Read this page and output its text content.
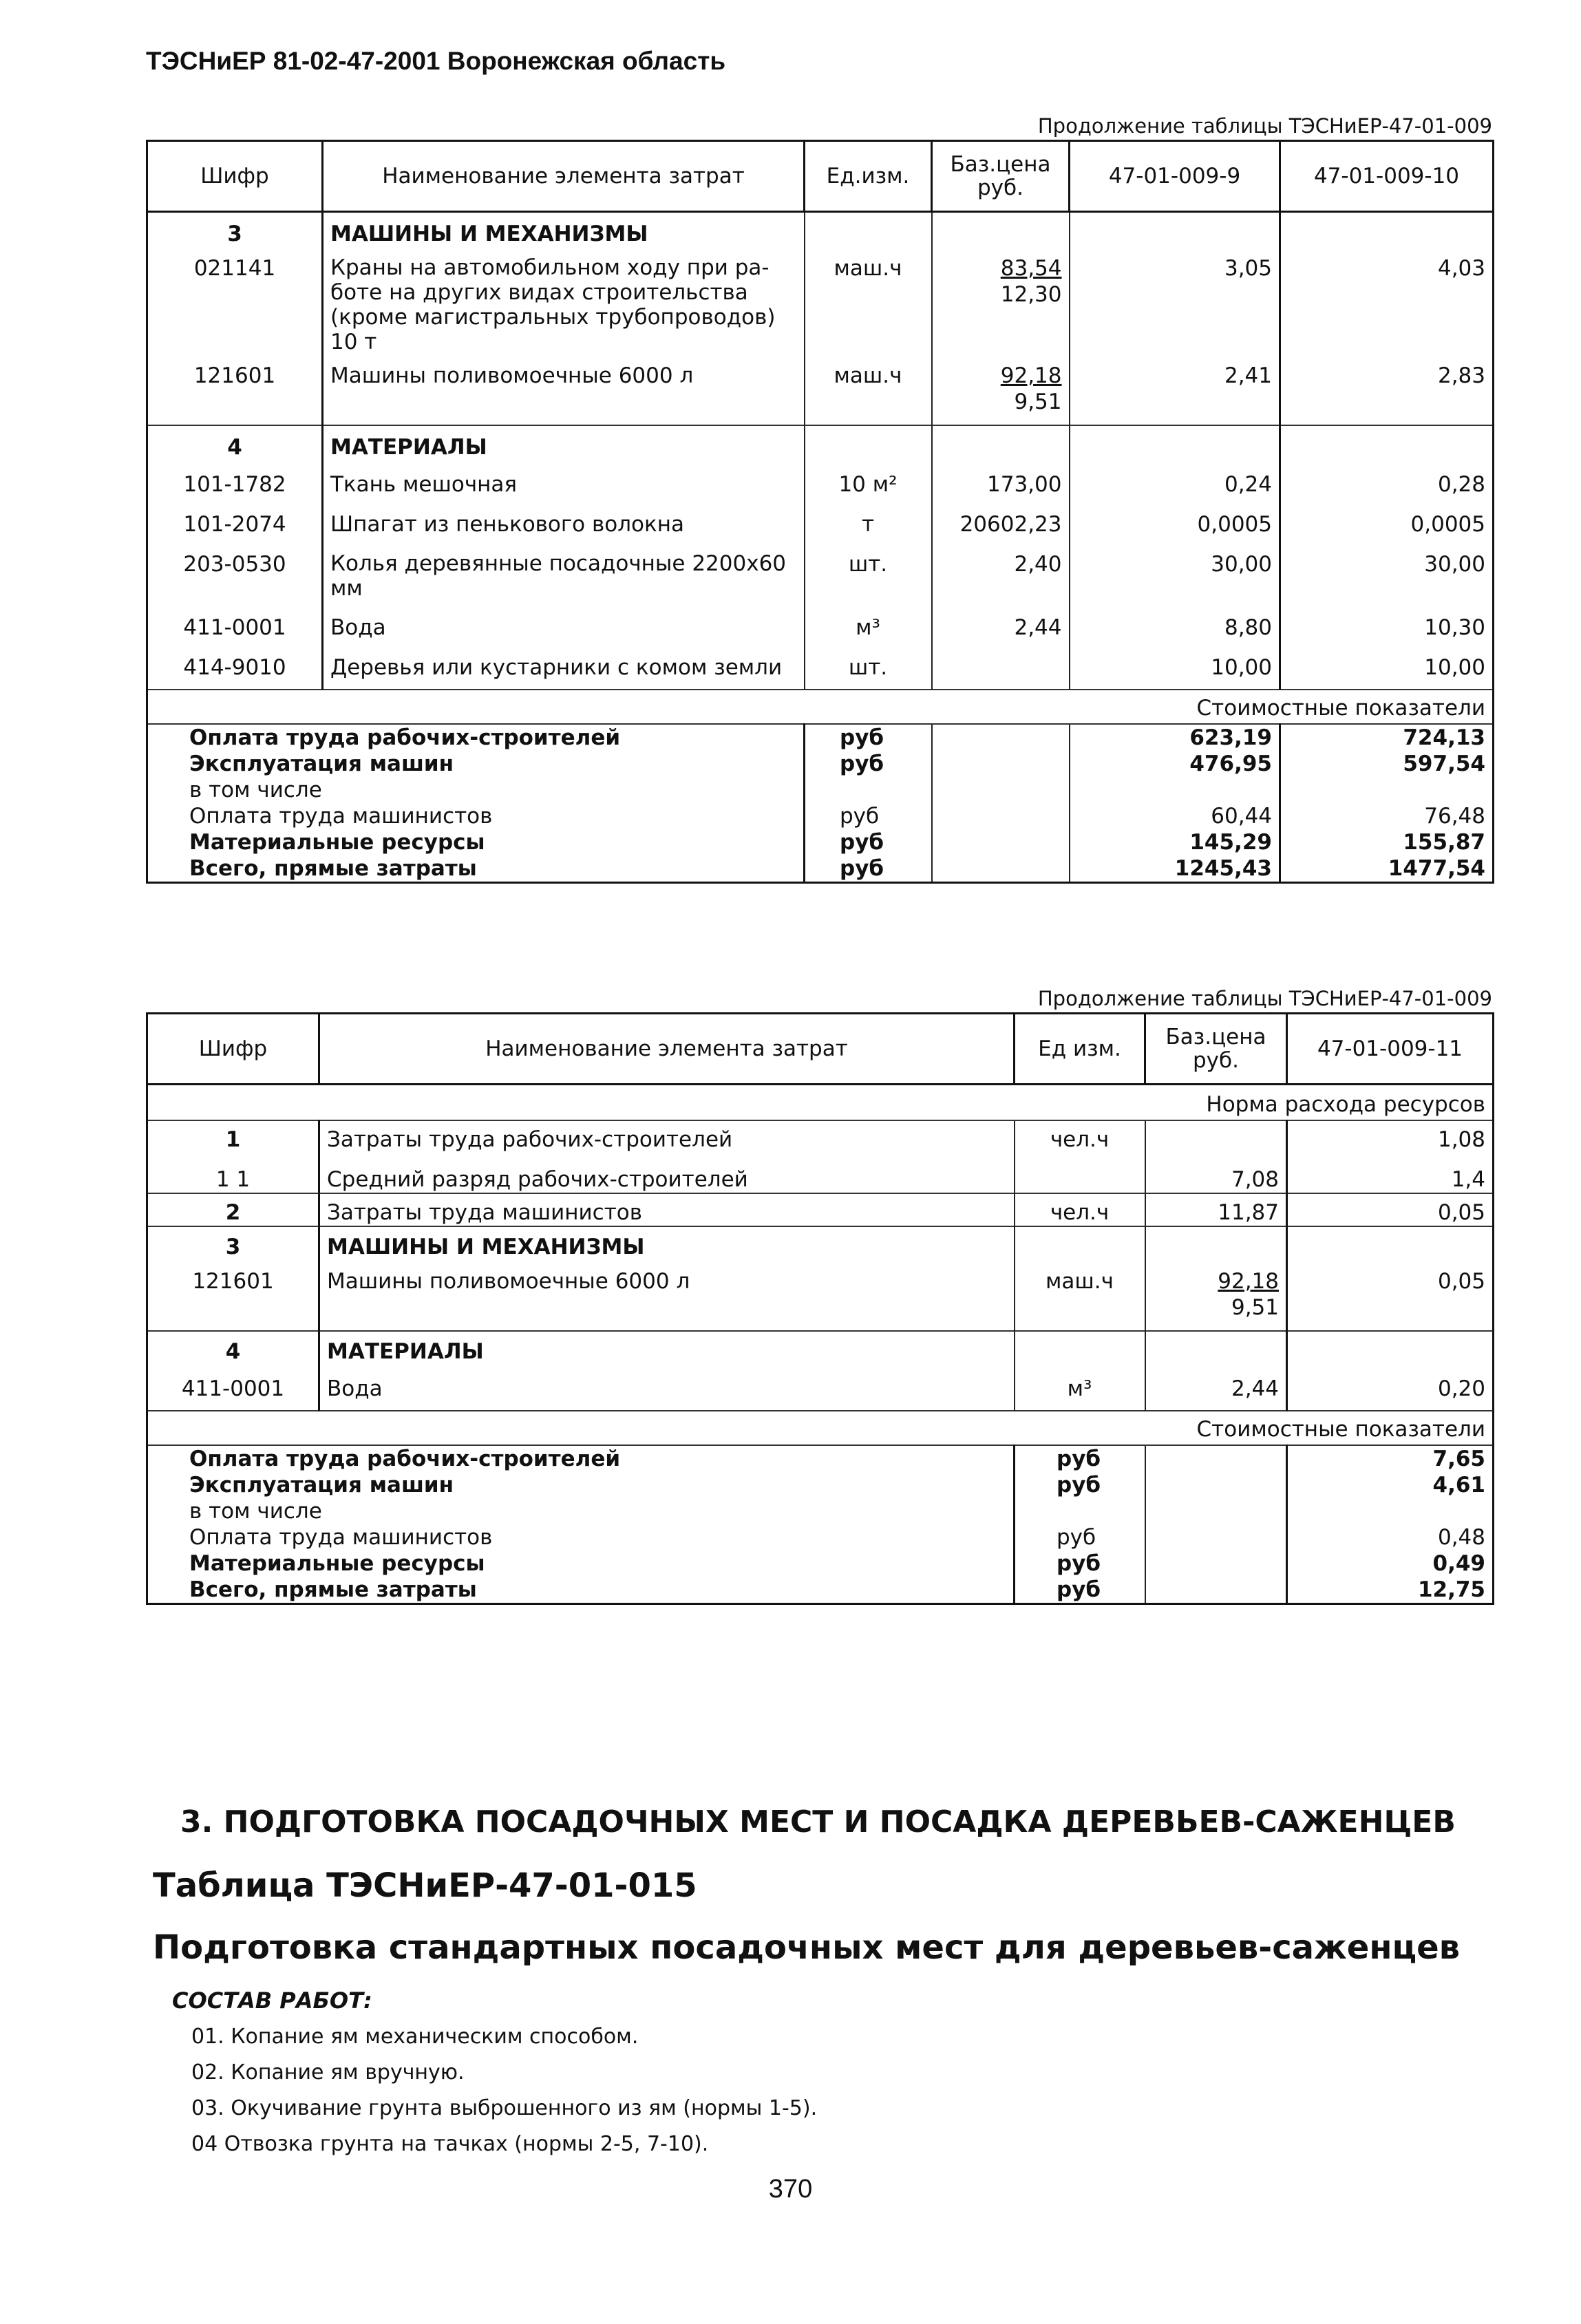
ТЭСНиЕР 81-02-47-2001 Воронежская область
Продолжение таблицы ТЭСНиЕР-47-01-009
Шифр	Наименование элемента затрат	Ед.изм.	Баз.цена
руб.	47-01-009-9	47-01-009-10
3	МАШИНЫ И МЕХАНИЗМЫ				
021141	Краны на автомобильном ходу при ра-
боте на других видах строительства
(кроме магистральных трубопроводов)
10 т	маш.ч	83,54
12,30	3,05	4,03
121601	Машины поливомоечные 6000 л	маш.ч	92,18
9,51	2,41	2,83
4	МАТЕРИАЛЫ				
101-1782	Ткань мешочная	10 м²	173,00	0,24	0,28
101-2074	Шпагат из пенькового волокна	т	20602,23	0,0005	0,0005
203-0530	Колья деревянные посадочные 2200х60
мм	шт.	2,40	30,00	30,00
411-0001	Вода	м³	2,44	8,80	10,30
414-9010	Деревья или кустарники с комом земли	шт.		10,00	10,00
Стоимостные показатели					
Оплата труда рабочих-строителей		руб		623,19	724,13
Эксплуатация машин		руб		476,95	597,54
в том числе					
Оплата труда машинистов		руб		60,44	76,48
Материальные ресурсы		руб		145,29	155,87
Всего, прямые затраты		руб		1245,43	1477,54
Продолжение таблицы ТЭСНиЕР-47-01-009
Шифр	Наименование элемента затрат	Ед изм.	Баз.цена
руб.	47-01-009-11
Норма расхода ресурсов				
1	Затраты труда рабочих-строителей	чел.ч		1,08
1 1	Средний разряд рабочих-строителей		7,08	1,4
2	Затраты труда машинистов	чел.ч	11,87	0,05
3	МАШИНЫ И МЕХАНИЗМЫ			
121601	Машины поливомоечные 6000 л	маш.ч	92,18
9,51	0,05
4	МАТЕРИАЛЫ			
411-0001	Вода	м³	2,44	0,20
Стоимостные показатели				
Оплата труда рабочих-строителей		руб		7,65
Эксплуатация машин		руб		4,61
в том числе				
Оплата труда машинистов		руб		0,48
Материальные ресурсы		руб		0,49
Всего, прямые затраты		руб		12,75
3. ПОДГОТОВКА ПОСАДОЧНЫХ МЕСТ И ПОСАДКА ДЕРЕВЬЕВ-САЖЕНЦЕВ
Таблица ТЭСНиЕР-47-01-015
Подготовка стандартных посадочных мест для деревьев-саженцев
СОСТАВ РАБОТ:
01. Копание ям механическим способом.
02. Копание ям вручную.
03. Окучивание грунта выброшенного из ям (нормы 1-5).
04 Отвозка грунта на тачках (нормы 2-5, 7-10).
370
